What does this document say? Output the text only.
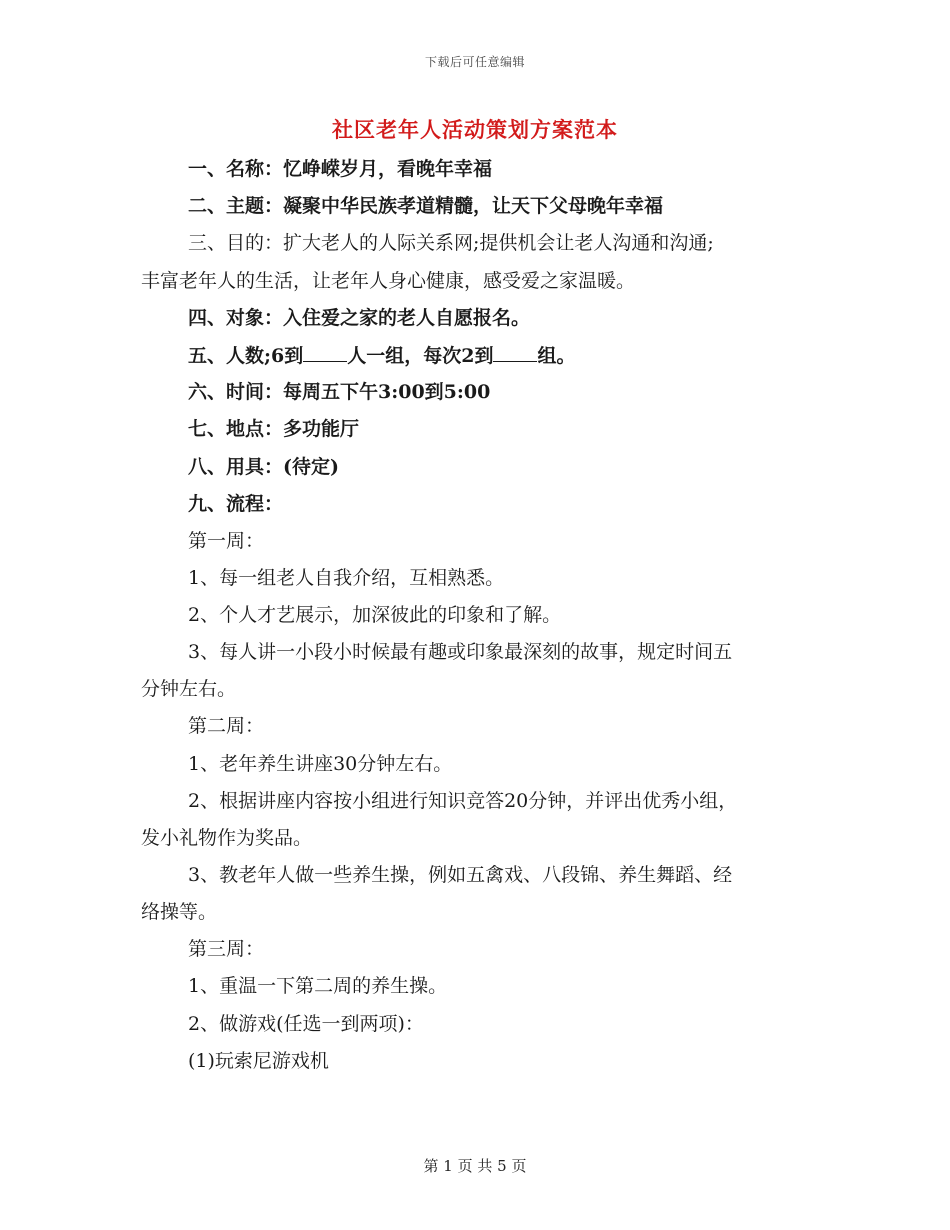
下载后可任意编辑
社区老年人活动策划方案范本
一、名称：忆峥嵘岁月，看晚年幸福
二、主题：凝聚中华民族孝道精髓，让天下父母晚年幸福
三、目的：扩大老人的人际关系网;提供机会让老人沟通和沟通;
丰富老年人的生活，让老年人身心健康，感受爱之家温暖。
四、对象：入住爱之家的老人自愿报名。
五、人数;6到 人一组，每次2到 组。
六、时间：每周五下午3:00到5:00
七、地点：多功能厅
八、用具：(待定)
九、流程：
第一周：
1、每一组老人自我介绍，互相熟悉。
2、个人才艺展示，加深彼此的印象和了解。
3、每人讲一小段小时候最有趣或印象最深刻的故事，规定时间五
分钟左右。
第二周：
1、老年养生讲座30分钟左右。
2、根据讲座内容按小组进行知识竞答20分钟，并评出优秀小组，
发小礼物作为奖品。
3、教老年人做一些养生操，例如五禽戏、八段锦、养生舞蹈、经
络操等。
第三周：
1、重温一下第二周的养生操。
2、做游戏(任选一到两项)：
(1)玩索尼游戏机
第 1 页 共 5 页
